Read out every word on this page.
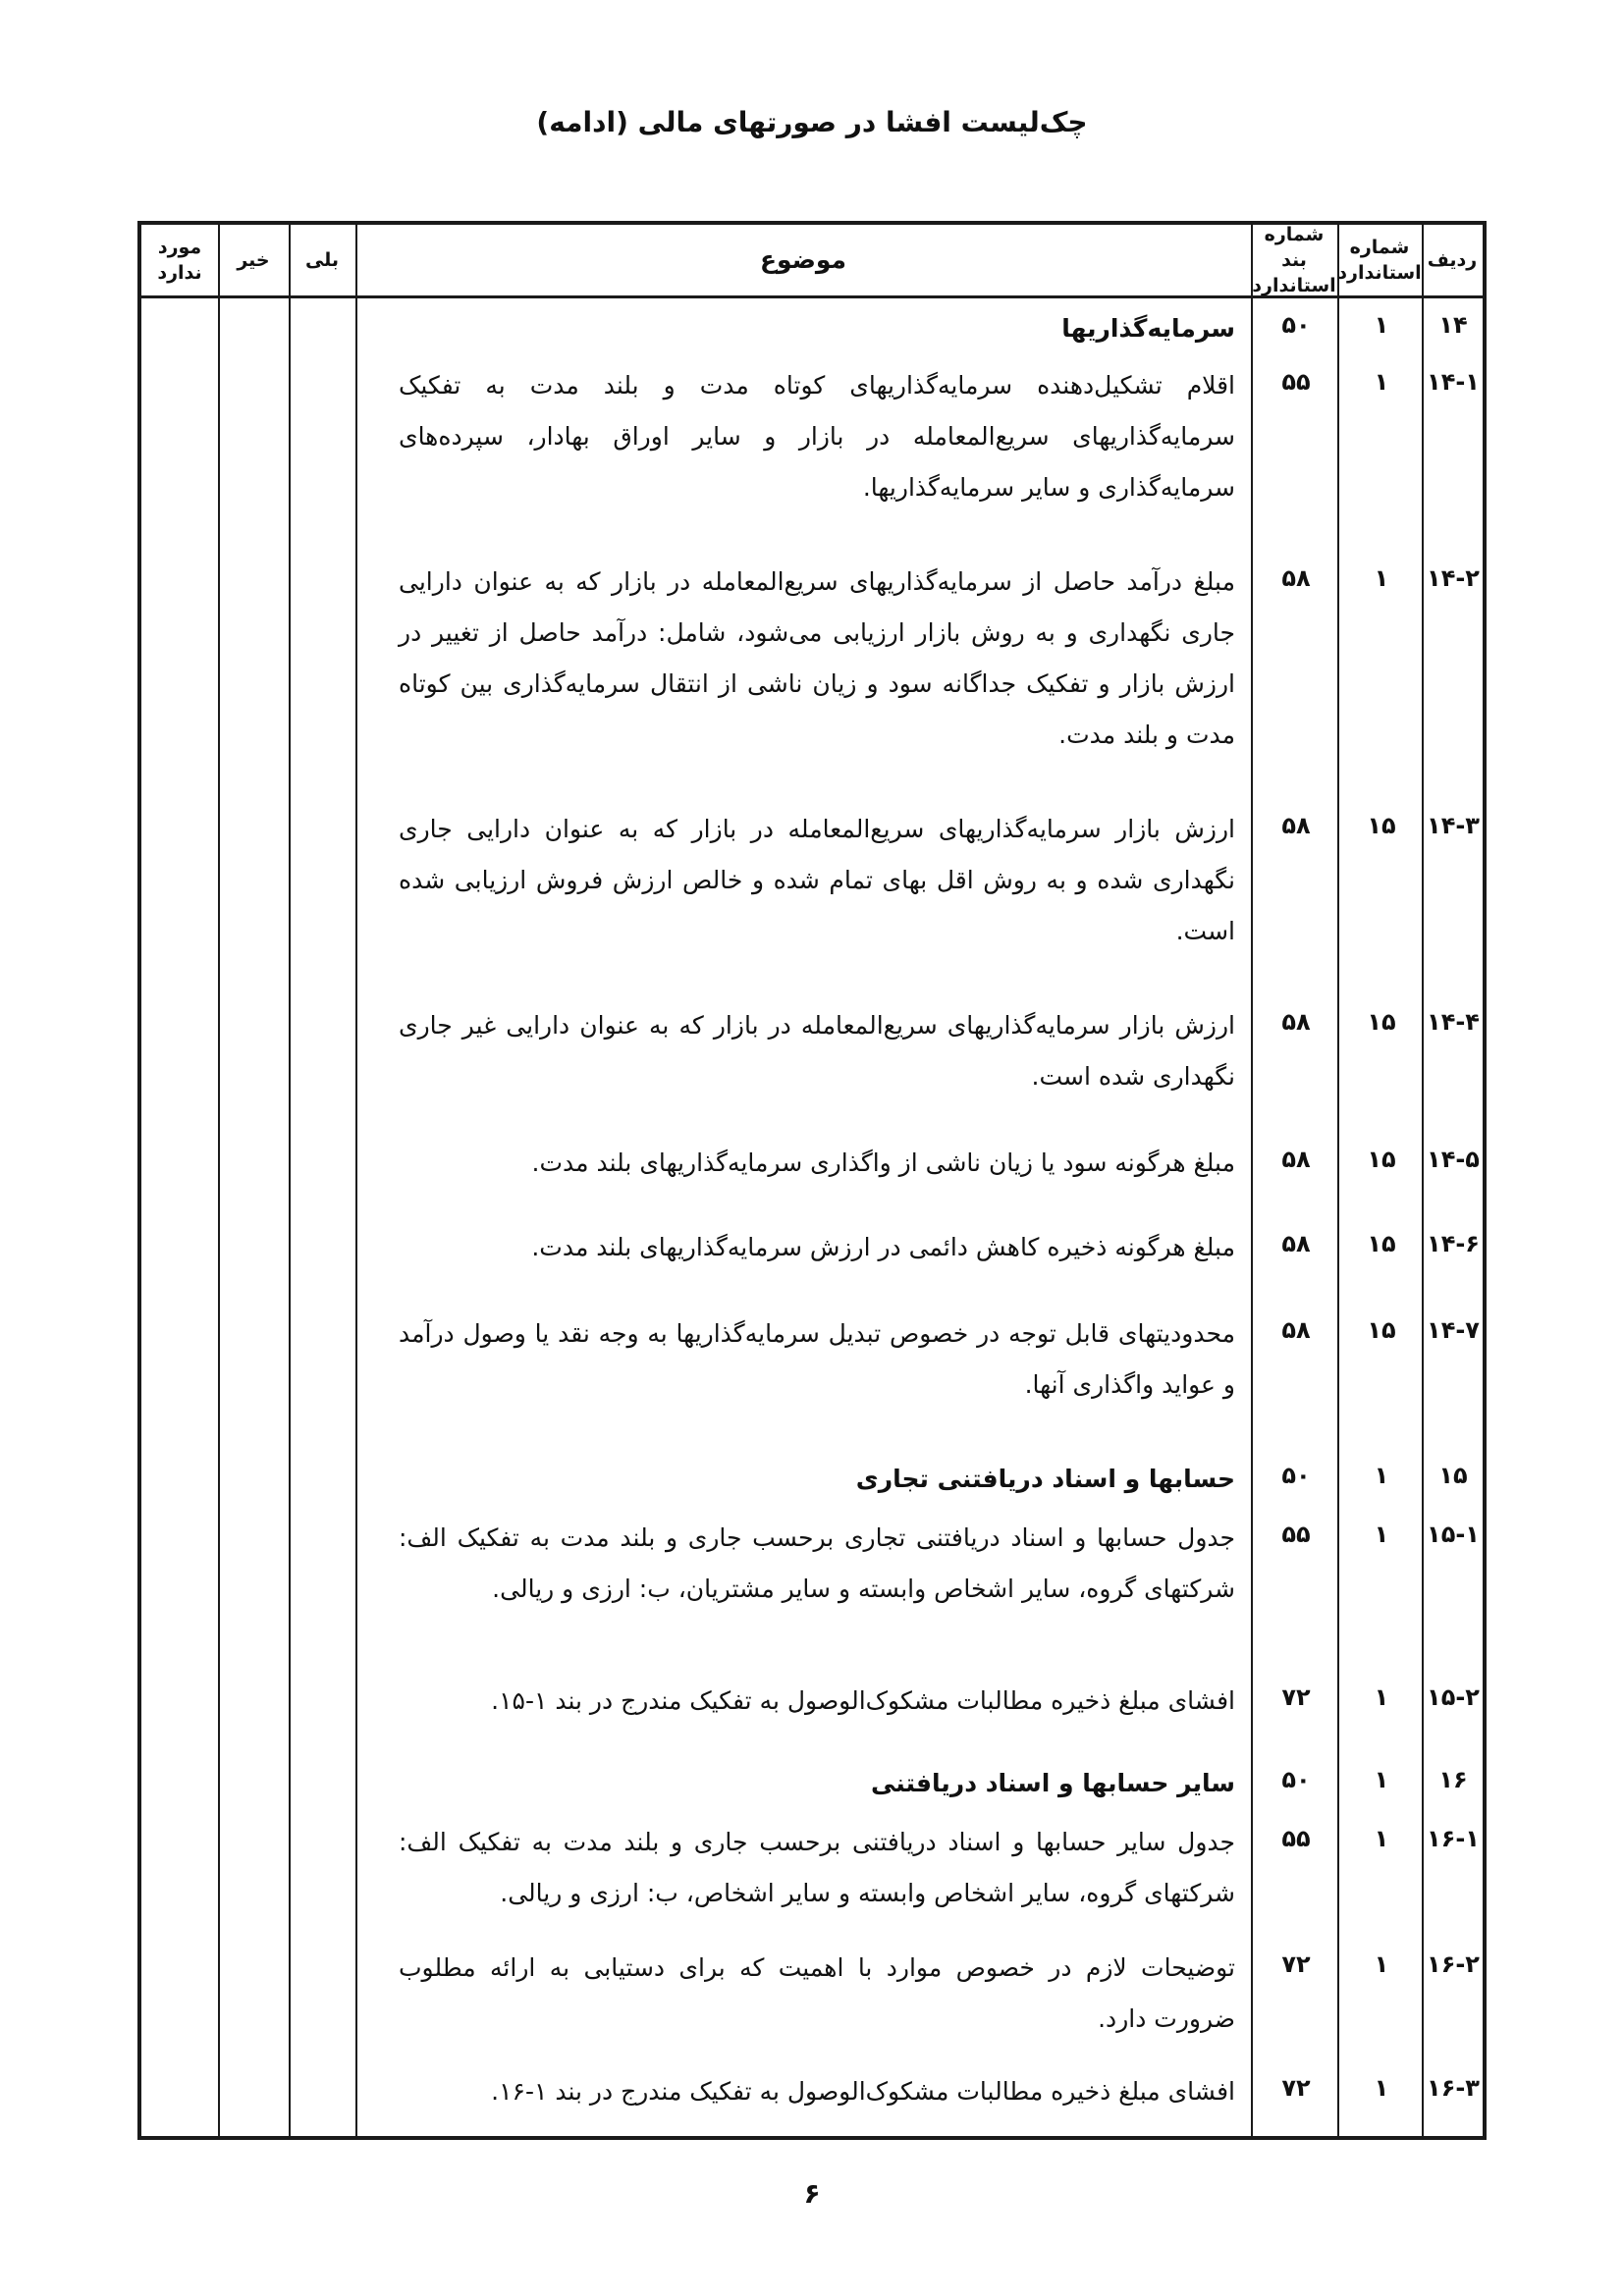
چک‌لیست افشا در صورتهای مالی (ادامه)
مورد ندارد
خیر	بلی	موضوع
شماره بند استاندارد
شماره استاندارد
ردیف
۱۴
۱
۵۰
سرمایه‌گذاریها
۱۴-۱
۱
۵۵
اقلام تشکیل‌دهنده سرمایه‌گذاریهای کوتاه مدت و بلند مدت به تفکیک سرمایه‌گذاریهای سریع‌المعامله در بازار و سایر اوراق بهادار، سپرده‌های سرمایه‌گذاری و سایر سرمایه‌گذاریها.
۱۴-۲
۱
۵۸
مبلغ درآمد حاصل از سرمایه‌گذاریهای سریع‌المعامله در بازار که به عنوان دارایی جاری نگهداری و به روش بازار ارزیابی می‌شود، شامل: درآمد حاصل از تغییر در ارزش بازار و تفکیک جداگانه سود و زیان ناشی از انتقال سرمایه‌گذاری بین کوتاه مدت و بلند مدت.
۱۴-۳
۱۵
۵۸
ارزش بازار سرمایه‌گذاریهای سریع‌المعامله در بازار که به عنوان دارایی جاری نگهداری شده و به روش اقل بهای تمام شده و خالص ارزش فروش ارزیابی شده است.
۱۴-۴
۱۵
۵۸
ارزش بازار سرمایه‌گذاریهای سریع‌المعامله در بازار که به عنوان دارایی غیر جاری نگهداری شده است.
۱۴-۵
۱۵
۵۸
مبلغ هرگونه سود یا زیان ناشی از واگذاری سرمایه‌گذاریهای بلند مدت.
۱۴-۶
۱۵
۵۸
مبلغ هرگونه ذخیره کاهش دائمی در ارزش سرمایه‌گذاریهای بلند مدت.
۱۴-۷
۱۵
۵۸
محدودیتهای قابل توجه در خصوص تبدیل سرمایه‌گذاریها به وجه نقد یا وصول درآمد و عواید واگذاری آنها.
۱۵
۱
۵۰
حسابها و اسناد دریافتنی تجاری
۱۵-۱
۱
۵۵
جدول حسابها و اسناد دریافتنی تجاری برحسب جاری و بلند مدت به تفکیک الف: شرکتهای گروه، سایر اشخاص وابسته و سایر مشتریان، ب: ارزی و ریالی.
۱۵-۲
۱
۷۲
افشای مبلغ ذخیره مطالبات مشکوک‌الوصول به تفکیک مندرج در بند ۱-۱۵.
۱۶
۱
۵۰
سایر حسابها و اسناد دریافتنی
۱۶-۱
۱
۵۵
جدول سایر حسابها و اسناد دریافتنی برحسب جاری و بلند مدت به تفکیک الف: شرکتهای گروه، سایر اشخاص وابسته و سایر اشخاص، ب: ارزی و ریالی.
۱۶-۲
۱
۷۲
توضیحات لازم در خصوص موارد با اهمیت که برای دستیابی به ارائه مطلوب ضرورت دارد.
۱۶-۳
۱
۷۲
افشای مبلغ ذخیره مطالبات مشکوک‌الوصول به تفکیک مندرج در بند ۱-۱۶.
۶
